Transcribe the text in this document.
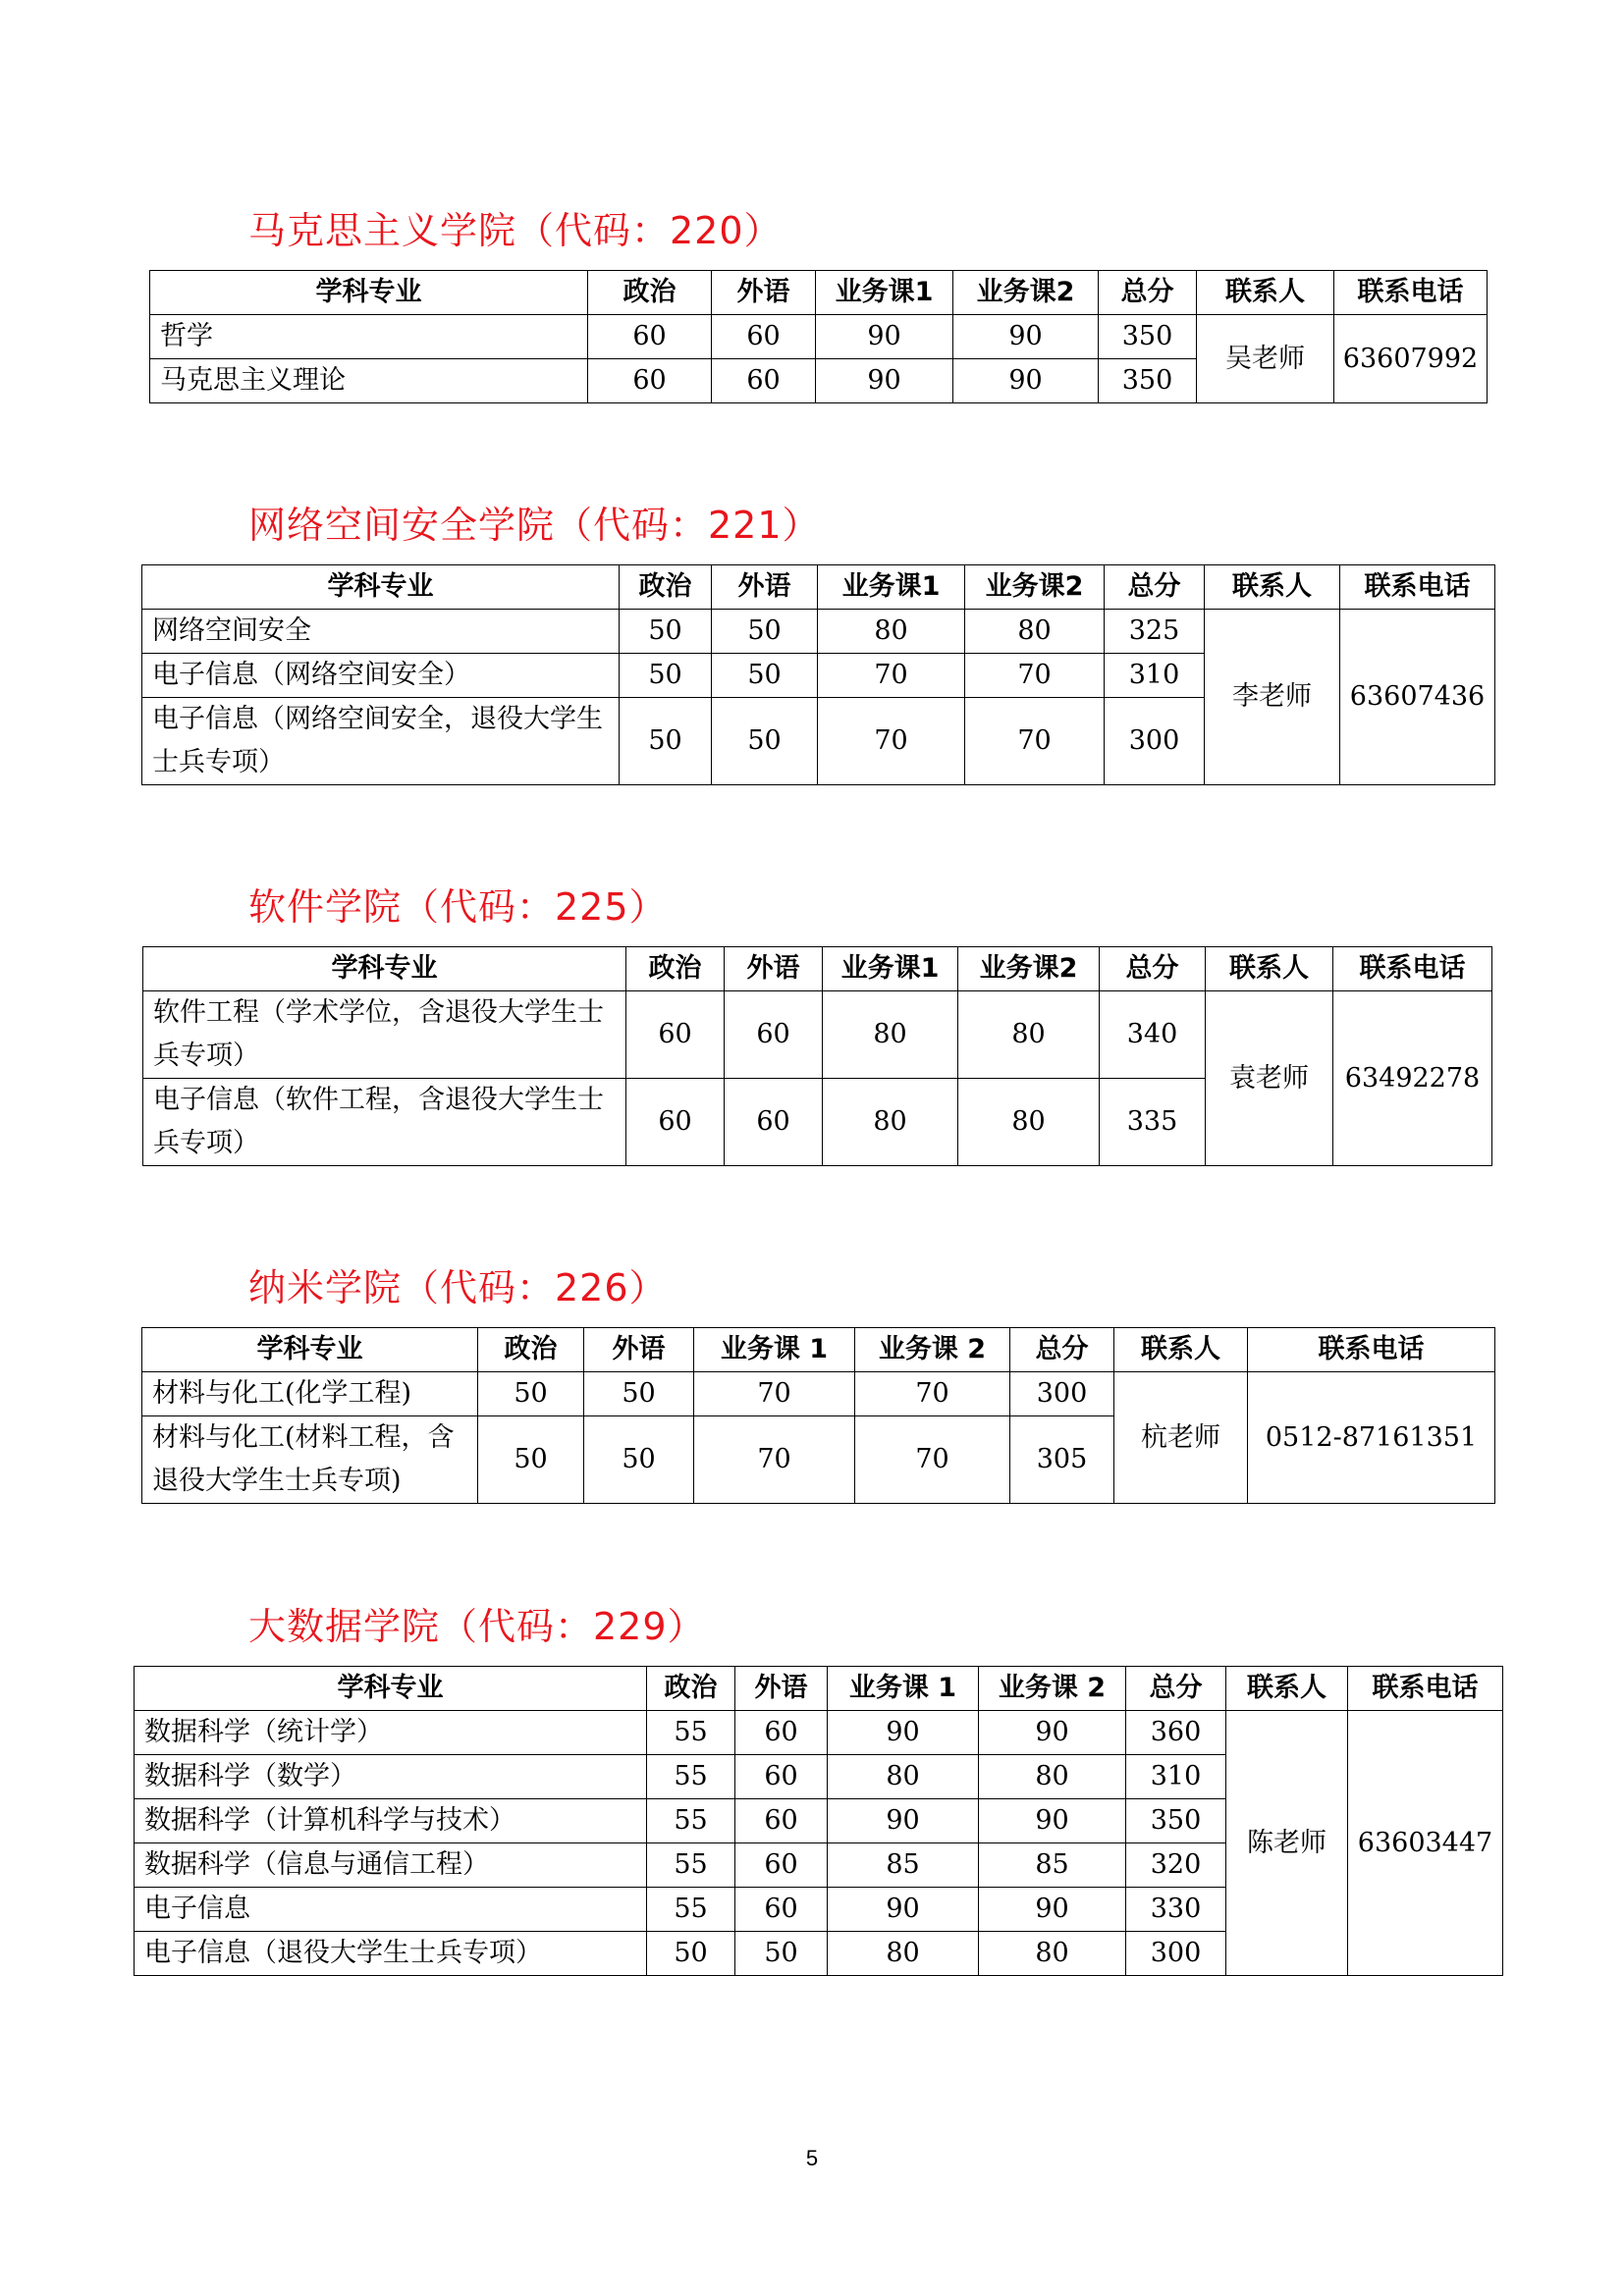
马克思主义学院（代码：220）
学科专业	政治	外语	业务课1	业务课2	总分	联系人	联系电话
哲学	60	60	90	90	350	吴老师	63607992
马克思主义理论	60	60	90	90	350		
网络空间安全学院（代码：221）
学科专业	政治	外语	业务课1	业务课2	总分	联系人	联系电话
网络空间安全	50	50	80	80	325	李老师	63607436
电子信息（网络空间安全）	50	50	70	70	310		
电子信息（网络空间安全，退役大学生士兵专项）	50	50	70	70	300		
软件学院（代码：225）
学科专业	政治	外语	业务课1	业务课2	总分	联系人	联系电话
软件工程（学术学位，含退役大学生士兵专项）	60	60	80	80	340	袁老师	63492278
电子信息（软件工程，含退役大学生士兵专项）	60	60	80	80	335		
纳米学院（代码：226）
学科专业	政治	外语	业务课 1	业务课 2	总分	联系人	联系电话
材料与化工(化学工程)	50	50	70	70	300	杭老师	0512-87161351
材料与化工(材料工程，含退役大学生士兵专项)	50	50	70	70	305		
大数据学院（代码：229）
学科专业	政治	外语	业务课 1	业务课 2	总分	联系人	联系电话
数据科学（统计学）	55	60	90	90	360	陈老师	63603447
数据科学（数学）	55	60	80	80	310		
数据科学（计算机科学与技术）	55	60	90	90	350		
数据科学（信息与通信工程）	55	60	85	85	320		
电子信息	55	60	90	90	330		
电子信息（退役大学生士兵专项）	50	50	80	80	300		
5
